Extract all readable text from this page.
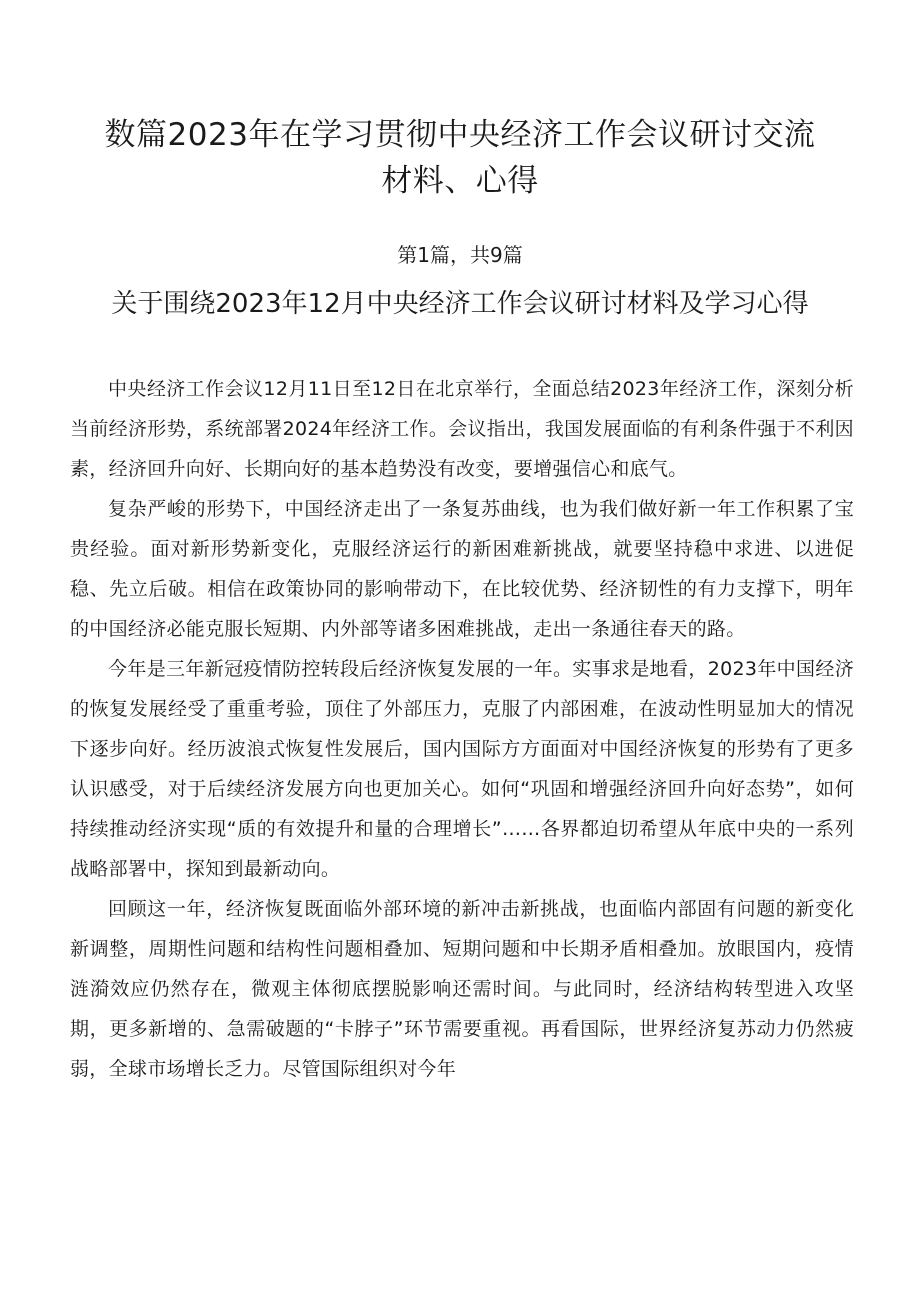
数篇2023年在学习贯彻中央经济工作会议研讨交流材料、心得

第1篇，共9篇

关于围绕2023年12月中央经济工作会议研讨材料及学习心得

中央经济工作会议12月11日至12日在北京举行，全面总结2023年经济工作，深刻分析当前经济形势，系统部署2024年经济工作。会议指出，我国发展面临的有利条件强于不利因素，经济回升向好、长期向好的基本趋势没有改变，要增强信心和底气。

复杂严峻的形势下，中国经济走出了一条复苏曲线，也为我们做好新一年工作积累了宝贵经验。面对新形势新变化，克服经济运行的新困难新挑战，就要坚持稳中求进、以进促稳、先立后破。相信在政策协同的影响带动下，在比较优势、经济韧性的有力支撑下，明年的中国经济必能克服长短期、内外部等诸多困难挑战，走出一条通往春天的路。

今年是三年新冠疫情防控转段后经济恢复发展的一年。实事求是地看，2023年中国经济的恢复发展经受了重重考验，顶住了外部压力，克服了内部困难，在波动性明显加大的情况下逐步向好。经历波浪式恢复性发展后，国内国际方方面面对中国经济恢复的形势有了更多认识感受，对于后续经济发展方向也更加关心。如何“巩固和增强经济回升向好态势”，如何持续推动经济实现“质的有效提升和量的合理增长”……各界都迫切希望从年底中央的一系列战略部署中，探知到最新动向。

回顾这一年，经济恢复既面临外部环境的新冲击新挑战，也面临内部固有问题的新变化新调整，周期性问题和结构性问题相叠加、短期问题和中长期矛盾相叠加。放眼国内，疫情涟漪效应仍然存在，微观主体彻底摆脱影响还需时间。与此同时，经济结构转型进入攻坚期，更多新增的、急需破题的“卡脖子”环节需要重视。再看国际，世界经济复苏动力仍然疲弱，全球市场增长乏力。尽管国际组织对今年
